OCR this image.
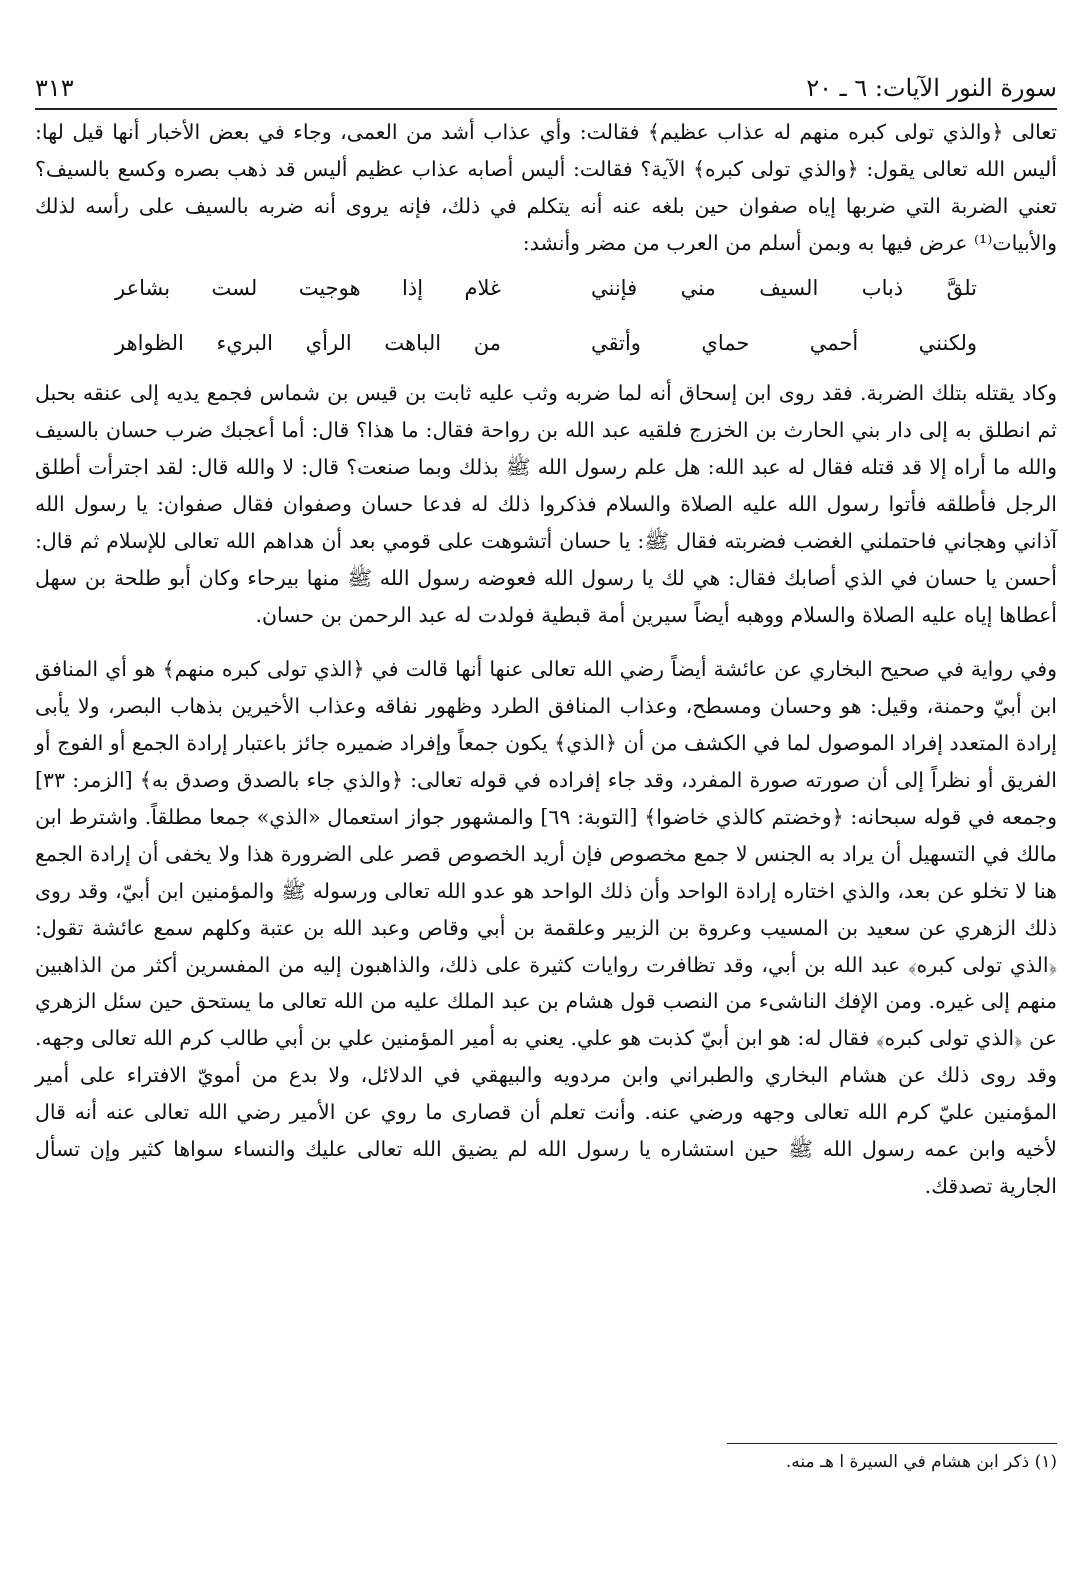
سورة النور الآيات: ٦ ـ ٢٠
٣١٣

تعالى ﴿والذي تولى كبره منهم له عذاب عظيم﴾ فقالت: وأي عذاب أشد من العمى، وجاء في بعض الأخبار أنها قيل لها: أليس الله تعالى يقول: ﴿والذي تولى كبره﴾ الآية؟ فقالت: أليس أصابه عذاب عظيم أليس قد ذهب بصره وكسع بالسيف؟ تعني الضربة التي ضربها إياه صفوان حين بلغه عنه أنه يتكلم في ذلك، فإنه يروى أنه ضربه بالسيف على رأسه لذلك والأبيات⁽¹⁾ عرض فيها به وبمن أسلم من العرب من مضر وأنشد:

تلقَّ ذباب السيف مني فإنني
غلام إذا هوجيت لست بشاعر
ولكنني أحمي حماي وأتقي
من الباهت الرأي البريء الظواهر

وكاد يقتله بتلك الضربة. فقد روى ابن إسحاق أنه لما ضربه وثب عليه ثابت بن قيس بن شماس فجمع يديه إلى عنقه بحبل ثم انطلق به إلى دار بني الحارث بن الخزرج فلقيه عبد الله بن رواحة فقال: ما هذا؟ قال: أما أعجبك ضرب حسان بالسيف والله ما أراه إلا قد قتله فقال له عبد الله: هل علم رسول الله ﷺ بذلك وبما صنعت؟ قال: لا والله قال: لقد اجترأت أطلق الرجل فأطلقه فأتوا رسول الله عليه الصلاة والسلام فذكروا ذلك له فدعا حسان وصفوان فقال صفوان: يا رسول الله آذاني وهجاني فاحتملني الغضب فضربته فقال ﷺ: يا حسان أتشوهت على قومي بعد أن هداهم الله تعالى للإسلام ثم قال: أحسن يا حسان في الذي أصابك فقال: هي لك يا رسول الله فعوضه رسول الله ﷺ منها بيرحاء وكان أبو طلحة بن سهل أعطاها إياه عليه الصلاة والسلام ووهبه أيضاً سيرين أمة قبطية فولدت له عبد الرحمن بن حسان.

وفي رواية في صحيح البخاري عن عائشة أيضاً رضي الله تعالى عنها أنها قالت في ﴿الذي تولى كبره منهم﴾ هو أي المنافق ابن أبيّ وحمنة، وقيل: هو وحسان ومسطح، وعذاب المنافق الطرد وظهور نفاقه وعذاب الأخيرين بذهاب البصر، ولا يأبى إرادة المتعدد إفراد الموصول لما في الكشف من أن ﴿الذي﴾ يكون جمعاً وإفراد ضميره جائز باعتبار إرادة الجمع أو الفوج أو الفريق أو نظراً إلى أن صورته صورة المفرد، وقد جاء إفراده في قوله تعالى: ﴿والذي جاء بالصدق وصدق به﴾ [الزمر: ٣٣] وجمعه في قوله سبحانه: ﴿وخضتم كالذي خاضوا﴾ [التوبة: ٦٩] والمشهور جواز استعمال «الذي» جمعا مطلقاً. واشترط ابن مالك في التسهيل أن يراد به الجنس لا جمع مخصوص فإن أريد الخصوص قصر على الضرورة هذا ولا يخفى أن إرادة الجمع هنا لا تخلو عن بعد، والذي اختاره إرادة الواحد وأن ذلك الواحد هو عدو الله تعالى ورسوله ﷺ والمؤمنين ابن أبيّ، وقد روى ذلك الزهري عن سعيد بن المسيب وعروة بن الزبير وعلقمة بن أبي وقاص وعبد الله بن عتبة وكلهم سمع عائشة تقول: ﴿الذي تولى كبره﴾ عبد الله بن أبي، وقد تظافرت روايات كثيرة على ذلك، والذاهبون إليه من المفسرين أكثر من الذاهبين منهم إلى غيره. ومن الإفك الناشىء من النصب قول هشام بن عبد الملك عليه من الله تعالى ما يستحق حين سئل الزهري عن ﴿الذي تولى كبره﴾ فقال له: هو ابن أبيّ كذبت هو علي. يعني به أمير المؤمنين علي بن أبي طالب كرم الله تعالى وجهه. وقد روى ذلك عن هشام البخاري والطبراني وابن مردويه والبيهقي في الدلائل، ولا بدع من أمويّ الافتراء على أمير المؤمنين عليّ كرم الله تعالى وجهه ورضي عنه. وأنت تعلم أن قصارى ما روي عن الأمير رضي الله تعالى عنه أنه قال لأخيه وابن عمه رسول الله ﷺ حين استشاره يا رسول الله لم يضيق الله تعالى عليك والنساء سواها كثير وإن تسأل الجارية تصدقك.

(١) ذكر ابن هشام في السيرة ا هـ منه.
